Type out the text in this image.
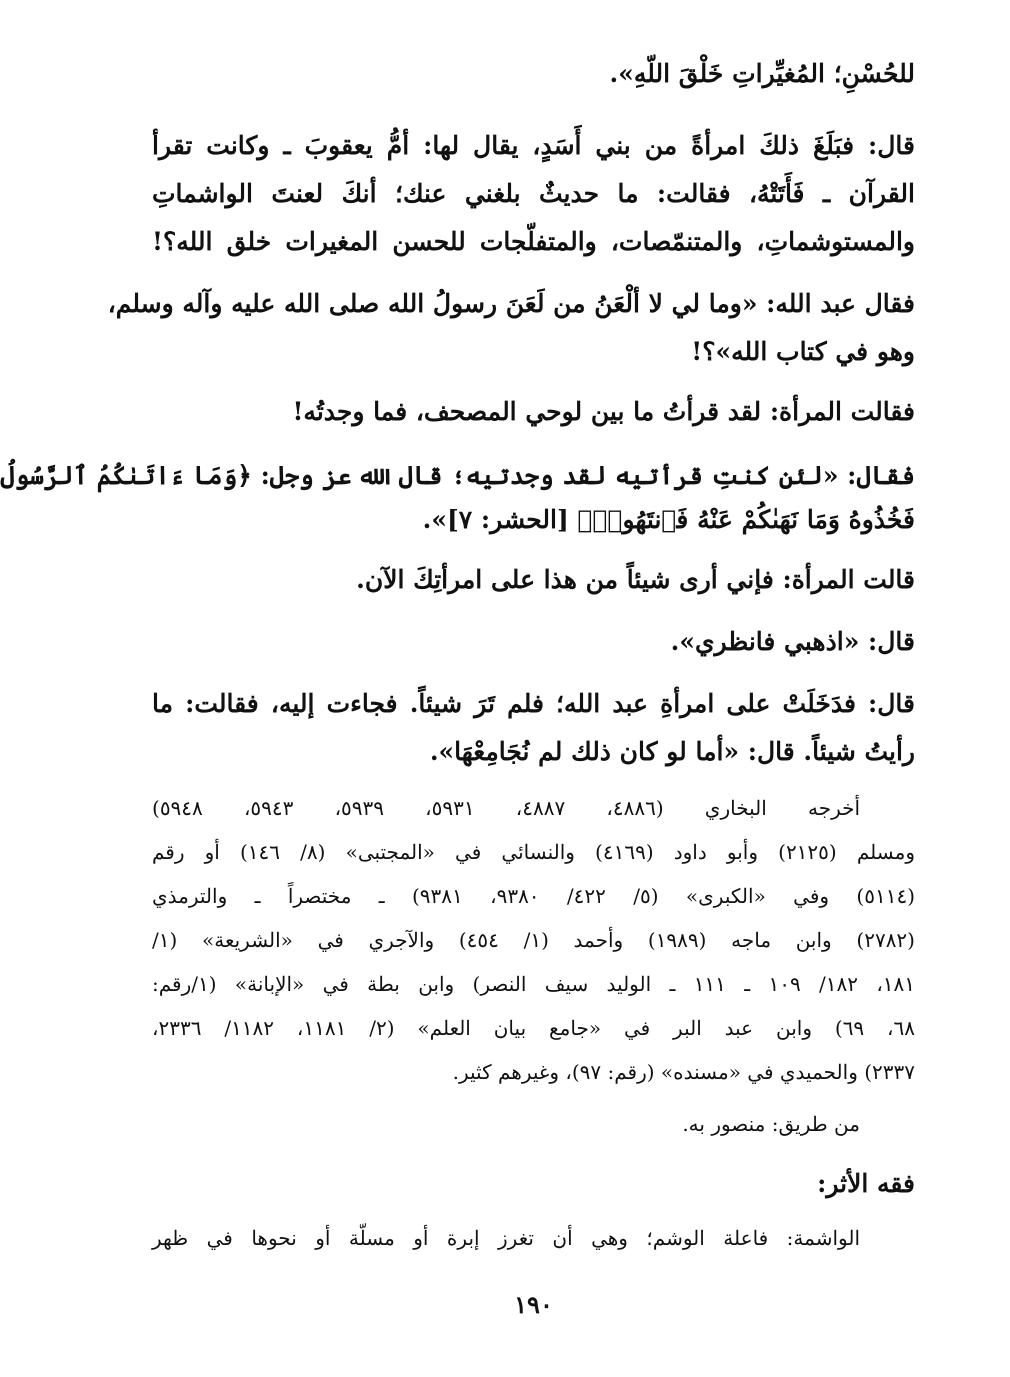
للحُسْنِ؛ المُغيِّراتِ خَلْقَ اللّهِ».
قال: فبَلَغَ ذلكَ امرأةً من بني أَسَدٍ، يقال لها: أمُّ يعقوبَ ـ وكانت تقرأ
القرآن ـ فَأَتَتْهُ، فقالت: ما حديثٌ بلغني عنك؛ أنكَ لعنتَ الواشماتِ
والمستوشماتِ، والمتنمّصات، والمتفلّجات للحسن المغيرات خلق الله؟!
فقال عبد الله: «وما لي لا ألْعَنُ من لَعَنَ رسولُ الله صلى الله عليه وآله وسلم،
وهو في كتاب الله»؟!
فقالت المرأة: لقد قرأتُ ما بين لوحي المصحف، فما وجدتُه!
فقال: «لئن كنتِ قرأتيه لقد وجدتيه؛ قال الله عز وجل: ﴿وَمَا ءَاتَىٰكُمُ ٱلرَّسُولُ
فَخُذُوهُ وَمَا نَهَىٰكُمْ عَنْهُ فَٱنتَهُوا۟﴾ [الحشر: ٧]».
قالت المرأة: فإني أرى شيئاً من هذا على امرأتِكَ الآن.
قال: «اذهبي فانظري».
قال: فدَخَلَتْ على امرأةِ عبد الله؛ فلم تَرَ شيئاً. فجاءت إليه، فقالت: ما
رأيتُ شيئاً. قال: «أما لو كان ذلك لم نُجَامِعْهَا».
أخرجه البخاري (٤٨٨٦، ٤٨٨٧، ٥٩٣١، ٥٩٣٩، ٥٩٤٣، ٥٩٤٨)
ومسلم (٢١٢٥) وأبو داود (٤١٦٩) والنسائي في «المجتبى» (٨/ ١٤٦) أو رقم
(٥١١٤) وفي «الكبرى» (٥/ ٤٢٢/ ٩٣٨٠، ٩٣٨١) ـ مختصراً ـ والترمذي
(٢٧٨٢) وابن ماجه (١٩٨٩) وأحمد (١/ ٤٥٤) والآجري في «الشريعة» (١/
١٨١، ١٨٢/ ١٠٩ ـ ١١١ ـ الوليد سيف النصر) وابن بطة في «الإبانة» (١/رقم:
٦٨، ٦٩) وابن عبد البر في «جامع بيان العلم» (٢/ ١١٨١، ١١٨٢/ ٢٣٣٦،
٢٣٣٧) والحميدي في «مسنده» (رقم: ٩٧)، وغيرهم كثير.
من طريق: منصور به.
فقه الأثر:
الواشمة: فاعلة الوشم؛ وهي أن تغرز إبرة أو مسلّة أو نحوها في ظهر
١٩٠
